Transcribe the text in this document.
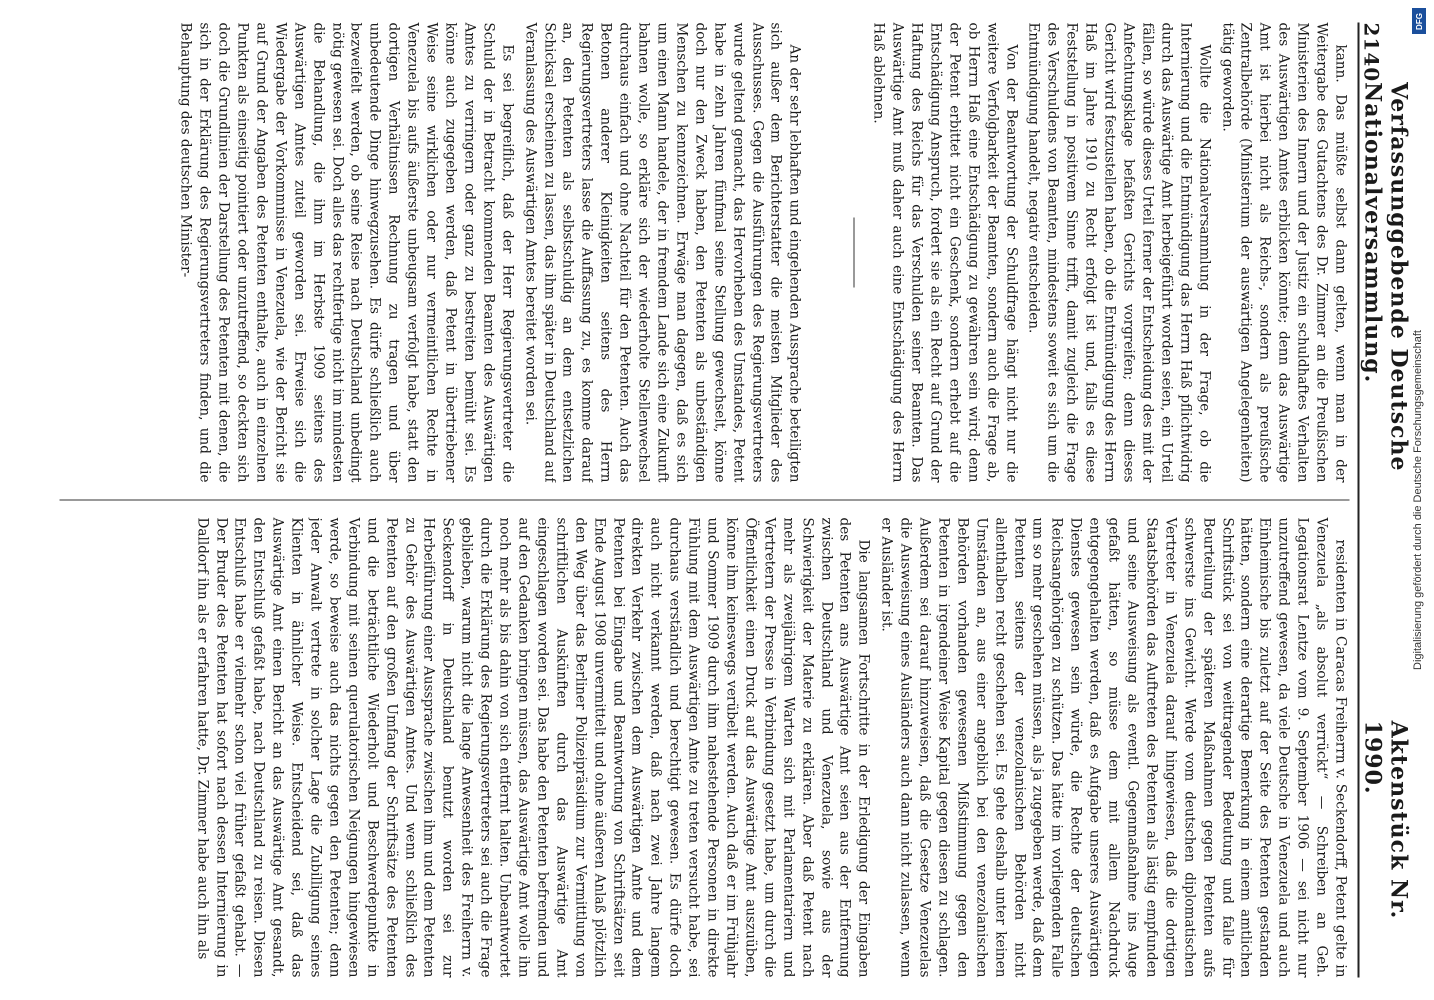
2140
Verfassunggebende Deutsche Nationalversammlung.
Aktenstück Nr. 1990.

kann. Das müßte selbst dann gelten, wenn man in der Weitergabe des Gutachtens des Dr. Zimmer an die Preußischen Ministerien des Innern und der Justiz ein schuldhaftes Verhalten des Auswärtigen Amtes erblicken könnte; denn das Auswärtige Amt ist hierbei nicht als Reichs-, sondern als preußische Zentralbehörde (Ministerium der auswärtigen Angelegenheiten) tätig geworden.

Wollte die Nationalversammlung in der Frage, ob die Internierung und die Entmündigung das Herrn Haß pflichtwidrig durch das Auswärtige Amt herbeigeführt worden seien, ein Urteil fällen, so würde dieses Urteil ferner der Entscheidung des mit der Anfechtungsklage befaßten Gerichts vorgreifen; denn dieses Gericht wird festzustellen haben, ob die Entmündigung des Herrn Haß im Jahre 1910 zu Recht erfolgt ist und, falls es diese Feststellung in positivem Sinne trifft, damit zugleich die Frage des Verschuldens von Beamten, mindestens soweit es sich um die Entmündigung handelt, negativ entscheiden.

Von der Beantwortung der Schuldfrage hängt nicht nur die weitere Verfolgbarkeit der Beamten, sondern auch die Frage ab, ob Herrn Haß eine Entschädigung zu gewähren sein wird; denn der Petent erbittet nicht ein Geschenk, sondern erhebt auf die Entschädigung Anspruch, fordert sie als ein Recht auf Grund der Haftung des Reichs für das Verschulden seiner Beamten. Das Auswärtige Amt muß daher auch eine Entschädigung des Herrn Haß ablehnen.

An der sehr lebhaften und eingehenden Aussprache beteiligten sich außer dem Berichterstatter die meisten Mitglieder des Ausschusses. Gegen die Ausführungen des Regierungsvertreters wurde geltend gemacht, das Hervorheben des Umstandes, Petent habe in zehn Jahren fünfmal seine Stellung gewechselt, könne doch nur den Zweck haben, den Petenten als unbeständigen Menschen zu kennzeichnen. Erwäge man dagegen, daß es sich um einen Mann handele, der in fremdem Lande sich eine Zukunft bahnen wolle, so erkläre sich der wiederholte Stellenwechsel durchaus einfach und ohne Nachteil für den Petenten. Auch das Betonen anderer Kleinigkeiten seitens des Herrn Regierungsvertreters lasse die Auffassung zu, es komme darauf an, den Petenten als selbstschuldig an dem entsetzlichen Schicksal erscheinen zu lassen, das ihm später in Deutschland auf Veranlassung des Auswärtigen Amtes bereitet worden sei.

Es sei begreiflich, daß der Herr Regierungsvertreter die Schuld der in Betracht kommenden Beamten des Auswärtigen Amtes zu verringern oder ganz zu bestreiten bemüht sei. Es könne auch zugegeben werden, daß Petent in übertriebener Weise seine wirklichen oder nur vermeintlichen Rechte in Venezuela bis aufs äußerste unbeugsam verfolgt habe, statt den dortigen Verhältnissen Rechnung zu tragen und über unbedeutende Dinge hinwegzusehen. Es dürfe schließlich auch bezweifelt werden, ob seine Reise nach Deutschland unbedingt nötig gewesen sei. Doch alles das rechtfertige nicht im mindesten die Behandlung, die ihm im Herbste 1909 seitens des Auswärtigen Amtes zuteil geworden sei. Erweise sich die Wiedergabe der Vorkommnisse in Venezuela, wie der Bericht sie auf Grund der Angaben des Petenten enthalte, auch in einzelnen Punkten als einseitig pointiert oder unzutreffend, so deckten sich doch die Grundlinien der Darstellung des Petenten mit denen, die sich in der Erklärung des Regierungsvertreters finden, und die Behauptung des deutschen Minister-

residenten in Caracas Freiherrn v. Seckendorff, Petent gelte in Venezuela „als absolut verrückt“ — Schreiben an Geh. Legationsrat Lentze vom 9. September 1906 — sei nicht nur unzutreffend gewesen, da viele Deutsche in Venezuela und auch Einheimische bis zuletzt auf der Seite des Petenten gestanden hätten, sondern eine derartige Bemerkung in einem amtlichen Schriftstück sei von weittragender Bedeutung und falle für Beurteilung der späteren Maßnahmen gegen Petenten aufs schwerste ins Gewicht. Werde vom deutschen diplomatischen Vertreter in Venezuela darauf hingewiesen, daß die dortigen Staatsbehörden das Auftreten des Petenten als lästig empfunden und seine Ausweisung als eventl. Gegenmaßnahme ins Auge gefaßt hätten, so müsse dem mit allem Nachdruck entgegengehalten werden, daß es Aufgabe unseres Auswärtigen Dienstes gewesen sein würde, die Rechte der deutschen Reichsangehörigen zu schützen. Das hätte im vorliegenden Falle um so mehr geschehen müssen, als ja zugegeben werde, daß dem Petenten seitens der venezolanischen Behörden nicht allenthalben recht geschehen sei. Es gehe deshalb unter keinen Umständen an, aus einer angeblich bei den venezolanischen Behörden vorhanden gewesenen Mißstimmung gegen den Petenten in irgendeiner Weise Kapital gegen diesen zu schlagen. Außerdem sei darauf hinzuweisen, daß die Gesetze Venezuelas die Ausweisung eines Ausländers auch dann nicht zulassen, wenn er Ausländer ist.

Die langsamen Fortschritte in der Erledigung der Eingaben des Petenten ans Auswärtige Amt seien aus der Entfernung zwischen Deutschland und Venezuela, sowie aus der Schwierigkeit der Materie zu erklären. Aber daß Petent nach mehr als zweijährigem Warten sich mit Parlamentariern und Vertretern der Presse in Verbindung gesetzt habe, um durch die Öffentlichkeit einen Druck auf das Auswärtige Amt auszuüben, könne ihm keineswegs verübelt werden. Auch daß er im Frühjahr und Sommer 1909 durch ihm nahestehende Personen in direkte Fühlung mit dem Auswärtigen Amte zu treten versucht habe, sei durchaus verständlich und berechtigt gewesen. Es dürfe doch auch nicht verkannt werden, daß nach zwei Jahre langem direkten Verkehr zwischen dem Auswärtigen Amte und dem Petenten bei Eingabe und Beantwortung von Schriftsätzen seit Ende August 1908 unvermittelt und ohne äußeren Anlaß plötzlich den Weg über das Berliner Polizeipräsidium zur Vermittlung von schriftlichen Auskünften durch das Auswärtige Amt eingeschlagen worden sei. Das habe den Petenten befremden und auf den Gedanken bringen müssen, das Auswärtige Amt wolle ihn noch mehr als bis dahin von sich entfernt halten. Unbeantwortet durch die Erklärung des Regierungsvertreters sei auch die Frage geblieben, warum nicht die lange Anwesenheit des Freiherrn v. Seckendorff in Deutschland benutzt worden sei zur Herbeiführung einer Aussprache zwischen ihm und dem Petenten zu Gehör des Auswärtigen Amtes. Und wenn schließlich des Petenten auf den großen Umfang der Schriftsätze des Petenten und die beträchtliche Wiederholt und Beschwerdepunkte in Verbindung mit seinen querulatorischen Neigungen hingewiesen werde, so beweise auch das nichts gegen den Petenten; denn jeder Anwalt vertrete in solcher Lage die Zubilligung seines Klienten in ähnlicher Weise. Entscheidend sei, daß das Auswärtige Amt einen Bericht an das Auswärtige Amt gesandt, den Entschluß gefaßt habe, nach Deutschland zu reisen. Diesen Entschluß habe er vielmehr schon viel früher gefaßt gehabt. — Der Bruder des Petenten hat sofort nach dessen Internierung in Dalldorf ihn als er erfahren hatte, Dr. Zimmer habe auch ihn als

DFG
Digitalisierung gefördert durch die Deutsche Forschungsgemeinschaft
